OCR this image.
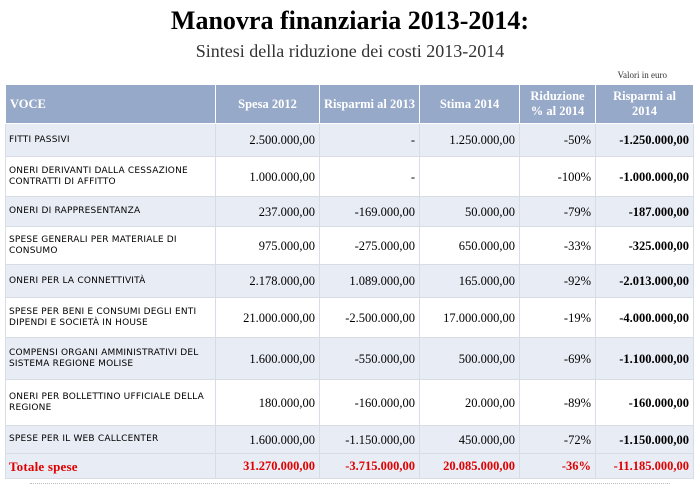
Manovra finanziaria 2013-2014:
Sintesi della riduzione dei costi 2013-2014
Valori in euro
VOCE	Spesa 2012	Risparmi al 2013	Stima 2014	Riduzione % al 2014	Risparmi al 2014
FITTI PASSIVI	2.500.000,00	-	1.250.000,00	-50%	-1.250.000,00
ONERI DERIVANTI DALLA CESSAZIONE CONTRATTI DI AFFITTO	1.000.000,00	-		-100%	-1.000.000,00
ONERI DI RAPPRESENTANZA	237.000,00	-169.000,00	50.000,00	-79%	-187.000,00
SPESE GENERALI PER MATERIALE DI CONSUMO	975.000,00	-275.000,00	650.000,00	-33%	-325.000,00
ONERI PER LA CONNETTIVITÀ	2.178.000,00	1.089.000,00	165.000,00	-92%	-2.013.000,00
SPESE PER BENI E CONSUMI DEGLI ENTI DIPENDI E SOCIETÀ IN HOUSE	21.000.000,00	-2.500.000,00	17.000.000,00	-19%	-4.000.000,00
COMPENSI ORGANI AMMINISTRATIVI DEL SISTEMA REGIONE MOLISE	1.600.000,00	-550.000,00	500.000,00	-69%	-1.100.000,00
ONERI PER BOLLETTINO UFFICIALE DELLA REGIONE	180.000,00	-160.000,00	20.000,00	-89%	-160.000,00
SPESE PER IL WEB CALLCENTER	1.600.000,00	-1.150.000,00	450.000,00	-72%	-1.150.000,00
Totale spese	31.270.000,00	-3.715.000,00	20.085.000,00	-36%	-11.185.000,00
